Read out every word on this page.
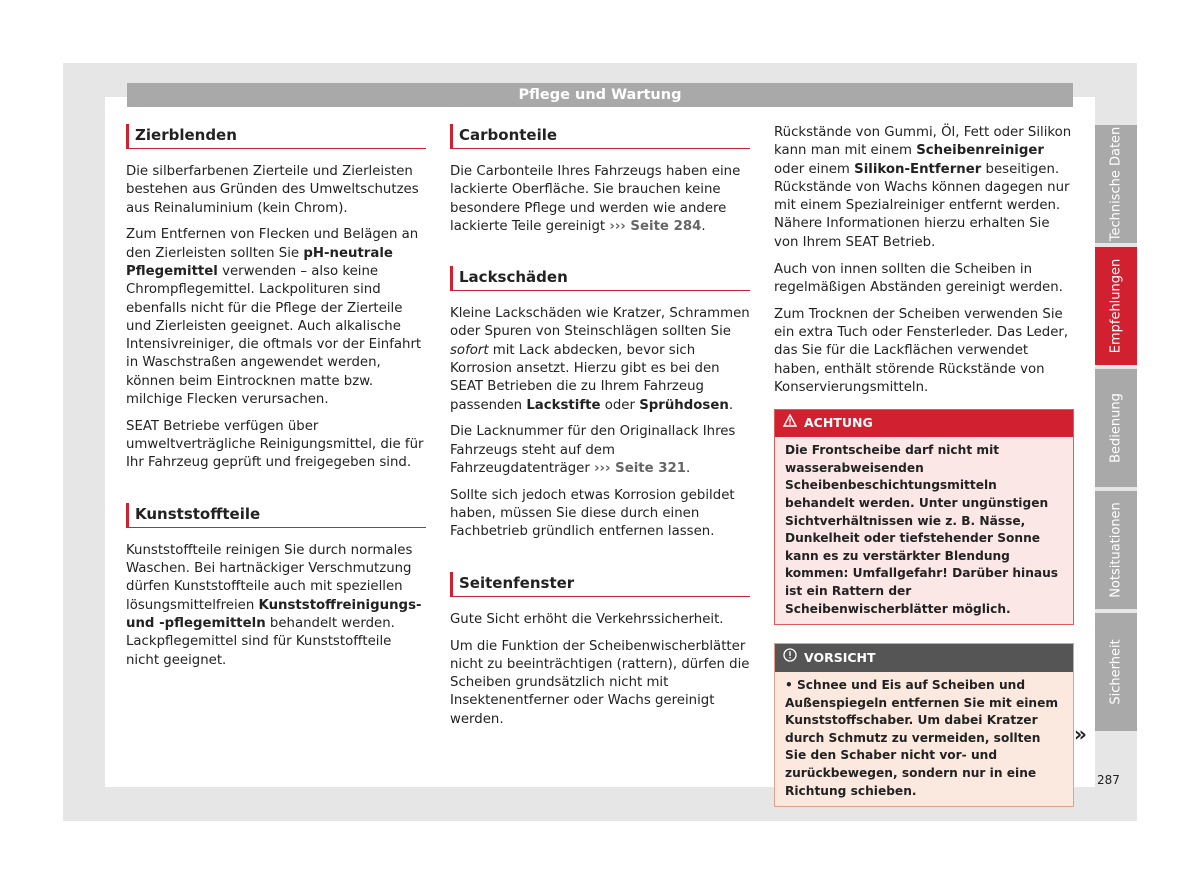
Pflege und Wartung
Zierblenden

Die silberfarbenen Zierteile und Zierleisten bestehen aus Gründen des Umweltschutzes aus Reinaluminium (kein Chrom).

Zum Entfernen von Flecken und Belägen an den Zierleisten sollten Sie pH-neutrale Pflegemittel verwenden – also keine Chrompflegemittel. Lackpolituren sind ebenfalls nicht für die Pflege der Zierteile und Zierleisten geeignet. Auch alkalische Intensivreiniger, die oftmals vor der Einfahrt in Waschstraßen angewendet werden, können beim Eintrocknen matte bzw. milchige Flecken verursachen.

SEAT Betriebe verfügen über umweltverträgliche Reinigungsmittel, die für Ihr Fahrzeug geprüft und freigegeben sind.

Kunststoffteile

Kunststoffteile reinigen Sie durch normales Waschen. Bei hartnäckiger Verschmutzung dürfen Kunststoffteile auch mit speziellen lösungsmittelfreien Kunststoffreinigungs- und -pflegemitteln behandelt werden. Lackpflegemittel sind für Kunststoffteile nicht geeignet.

Carbonteile

Die Carbonteile Ihres Fahrzeugs haben eine lackierte Oberfläche. Sie brauchen keine besondere Pflege und werden wie andere lackierte Teile gereinigt ››› Seite 284.

Lackschäden

Kleine Lackschäden wie Kratzer, Schrammen oder Spuren von Steinschlägen sollten Sie sofort mit Lack abdecken, bevor sich Korrosion ansetzt. Hierzu gibt es bei den SEAT Betrieben die zu Ihrem Fahrzeug passenden Lackstifte oder Sprühdosen.

Die Lacknummer für den Originallack Ihres Fahrzeugs steht auf dem Fahrzeugdatenträger ››› Seite 321.

Sollte sich jedoch etwas Korrosion gebildet haben, müssen Sie diese durch einen Fachbetrieb gründlich entfernen lassen.

Seitenfenster

Gute Sicht erhöht die Verkehrssicherheit.

Um die Funktion der Scheibenwischerblätter nicht zu beeinträchtigen (rattern), dürfen die Scheiben grundsätzlich nicht mit Insektenentferner oder Wachs gereinigt werden.

Rückstände von Gummi, Öl, Fett oder Silikon kann man mit einem Scheibenreiniger oder einem Silikon-Entferner beseitigen. Rückstände von Wachs können dagegen nur mit einem Spezialreiniger entfernt werden. Nähere Informationen hierzu erhalten Sie von Ihrem SEAT Betrieb.

Auch von innen sollten die Scheiben in regelmäßigen Abständen gereinigt werden.

Zum Trocknen der Scheiben verwenden Sie ein extra Tuch oder Fensterleder. Das Leder, das Sie für die Lackflächen verwendet haben, enthält störende Rückstände von Konservierungsmitteln.

ACHTUNG
Die Frontscheibe darf nicht mit wasserabweisenden Scheibenbeschichtungsmitteln behandelt werden. Unter ungünstigen Sichtverhältnissen wie z. B. Nässe, Dunkelheit oder tiefstehender Sonne kann es zu verstärkter Blendung kommen: Umfallgefahr! Darüber hinaus ist ein Rattern der Scheibenwischerblätter möglich.
VORSICHT
• Schnee und Eis auf Scheiben und Außenspiegeln entfernen Sie mit einem Kunststoffschaber. Um dabei Kratzer durch Schmutz zu vermeiden, sollten Sie den Schaber nicht vor- und zurückbewegen, sondern nur in eine Richtung schieben.
Technische Daten
Empfehlungen
Bedienung
Notsituationen
Sicherheit
»
287
